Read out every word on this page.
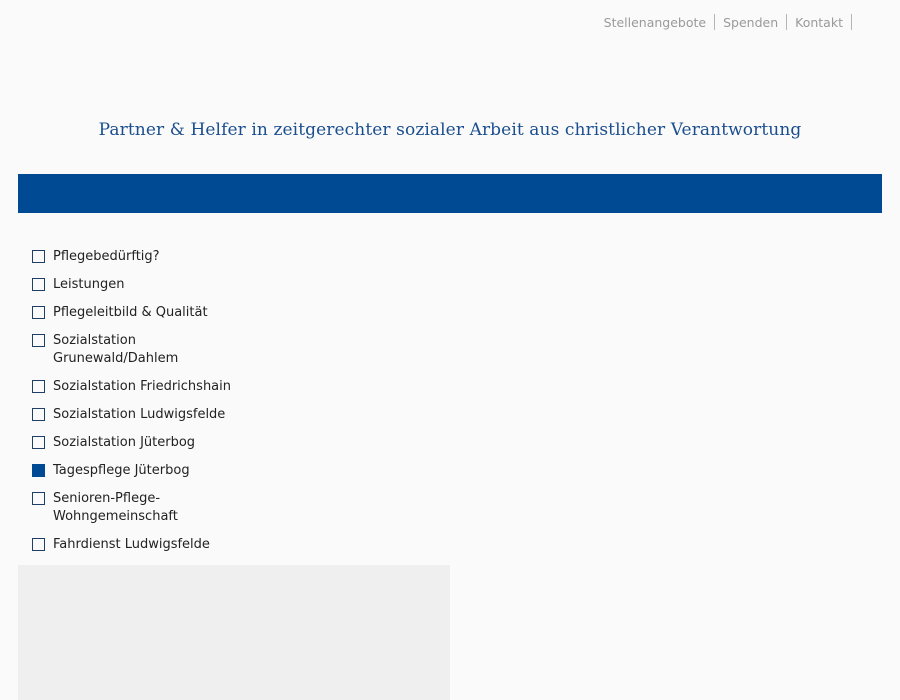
Stellenangebote	Spenden	Kontakt
Partner & Helfer in zeitgerechter sozialer Arbeit aus christlicher Verantwortung
Pflegebedürftig?
Leistungen
Pflegeleitbild & Qualität
Sozialstation Grunewald/Dahlem
Sozialstation Friedrichshain
Sozialstation Ludwigsfelde
Sozialstation Jüterbog
Tagespflege Jüterbog
Senioren-Pflege-Wohngemeinschaft
Fahrdienst Ludwigsfelde
